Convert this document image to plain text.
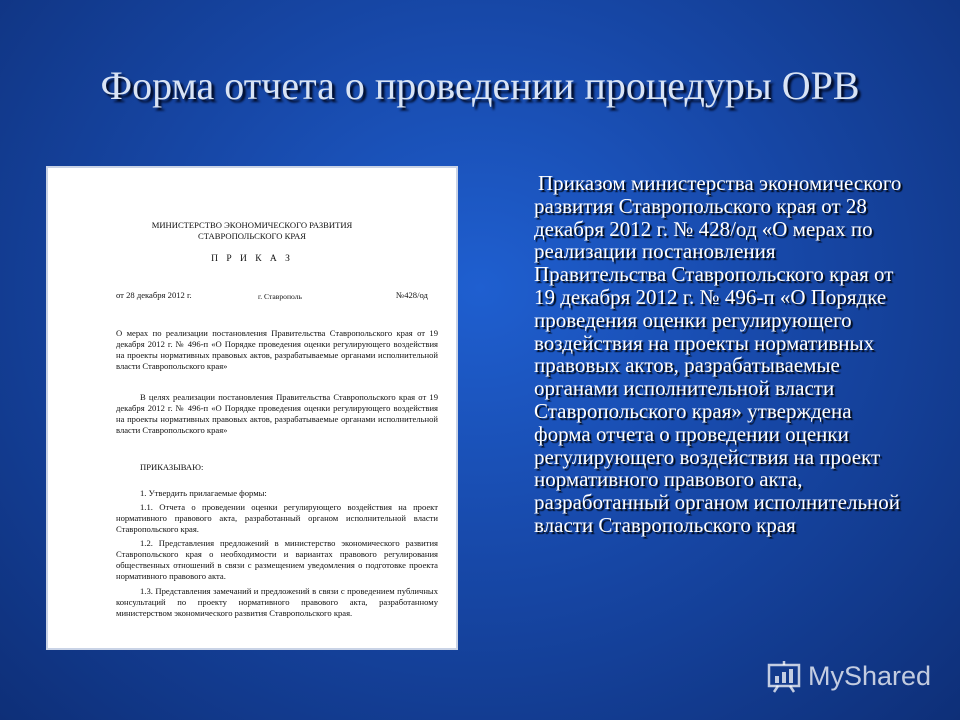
Форма отчета о проведении процедуры ОРВ
МИНИСТЕРСТВО ЭКОНОМИЧЕСКОГО РАЗВИТИЯ
СТАВРОПОЛЬСКОГО КРАЯ
П Р И К А З
от 28 декабря 2012 г.	г. Ставрополь	№428/од
О мерах по реализации постановления Правительства Ставропольского края от 19 декабря 2012 г. № 496-п «О Порядке проведения оценки регулирующего воздействия на проекты нормативных правовых актов, разрабатываемые органами исполнительной власти Ставропольского края»
В целях реализации постановления Правительства Ставропольского края от 19 декабря 2012 г. № 496-п «О Порядке проведения оценки регулирующего воздействия на проекты нормативных правовых актов, разрабатываемые органами исполнительной власти Ставропольского края»
ПРИКАЗЫВАЮ:
1. Утвердить прилагаемые формы:
1.1. Отчета о проведении оценки регулирующего воздействия на проект нормативного правового акта, разработанный органом исполнительной власти Ставропольского края.
1.2. Представления предложений в министерство экономического развития Ставропольского края о необходимости и вариантах правового регулирования общественных отношений в связи с размещением уведомления о подготовке проекта нормативного правового акта.
1.3. Представления замечаний и предложений в связи с проведением публичных консультаций по проекту нормативного правового акта, разработанному министерством экономического развития Ставропольского края.
Приказом министерства экономического развития Ставропольского края от 28 декабря 2012 г. № 428/од «О мерах по реализации постановления Правительства Ставропольского края от 19 декабря 2012 г. № 496-п «О Порядке проведения оценки регулирующего воздействия на проекты нормативных правовых актов, разрабатываемые органами исполнительной власти Ставропольского края» утверждена форма отчета о проведении оценки регулирующего воздействия на проект нормативного правового акта, разработанный органом исполнительной власти Ставропольского края
MyShared
